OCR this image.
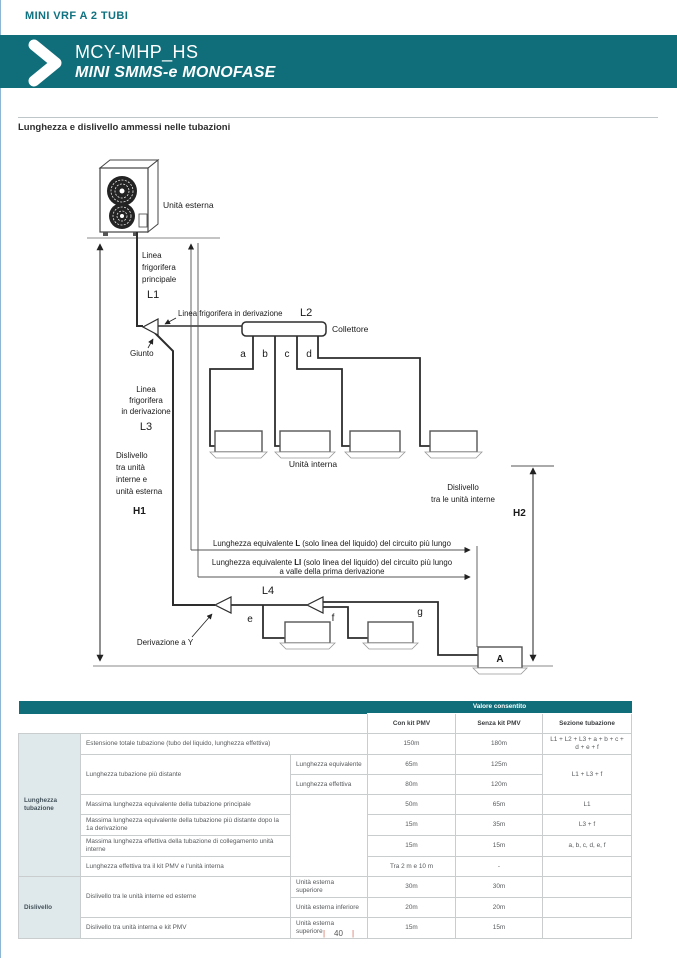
MINI VRF A 2 TUBI
MCY-MHP_HS
MINI SMMS-e MONOFASE
Lunghezza e dislivello ammessi nelle tubazioni
Unità esterna
Collettore
Unità interna
A
Linea
frigorifera
principale
L1
Linea frigorifera in derivazione L2
Giunto	a b c d
Linea
frigorifera
in derivazione
L3
Dislivello
tra unità
interne e
unità esterna
H1
Dislivello
tra le unità interne
H2
Lunghezza equivalente L (solo linea del liquido) del circuito più lungo
Lunghezza equivalente LI (solo linea del liquido) del circuito più lungo
a valle della prima derivazione
L4
e	f
g
Derivazione a Y
			Valore consentito		
			Con kit PMV	Senza kit PMV	Sezione tubazione
Lunghezza tubazione	Estensione totale tubazione (tubo del liquido, lunghezza effettiva)		150m	180m	L1 + L2 + L3 + a + b + c + d + e + f
	Lunghezza tubazione più distante	Lunghezza equivalente	65m	125m	L1 + L3 + f
		Lunghezza effettiva	80m	120m	
	Massima lunghezza equivalente della tubazione principale		50m	65m	L1
	Massima lunghezza equivalente della tubazione più distante dopo la 1a derivazione		15m	35m	L3 + f
	Massima lunghezza effettiva della tubazione di collegamento unità interne		15m	15m	a, b, c, d, e, f
	Lunghezza effettiva tra il kit PMV e l'unità interna		Tra 2 m e 10 m	-	
Dislivello	Dislivello tra le unità interne ed esterne	Unità esterna superiore	30m	30m	
		Unità esterna inferiore	20m	20m	
	Dislivello tra unità interna e kit PMV	Unità esterna superiore	15m	15m	
| 40 |
